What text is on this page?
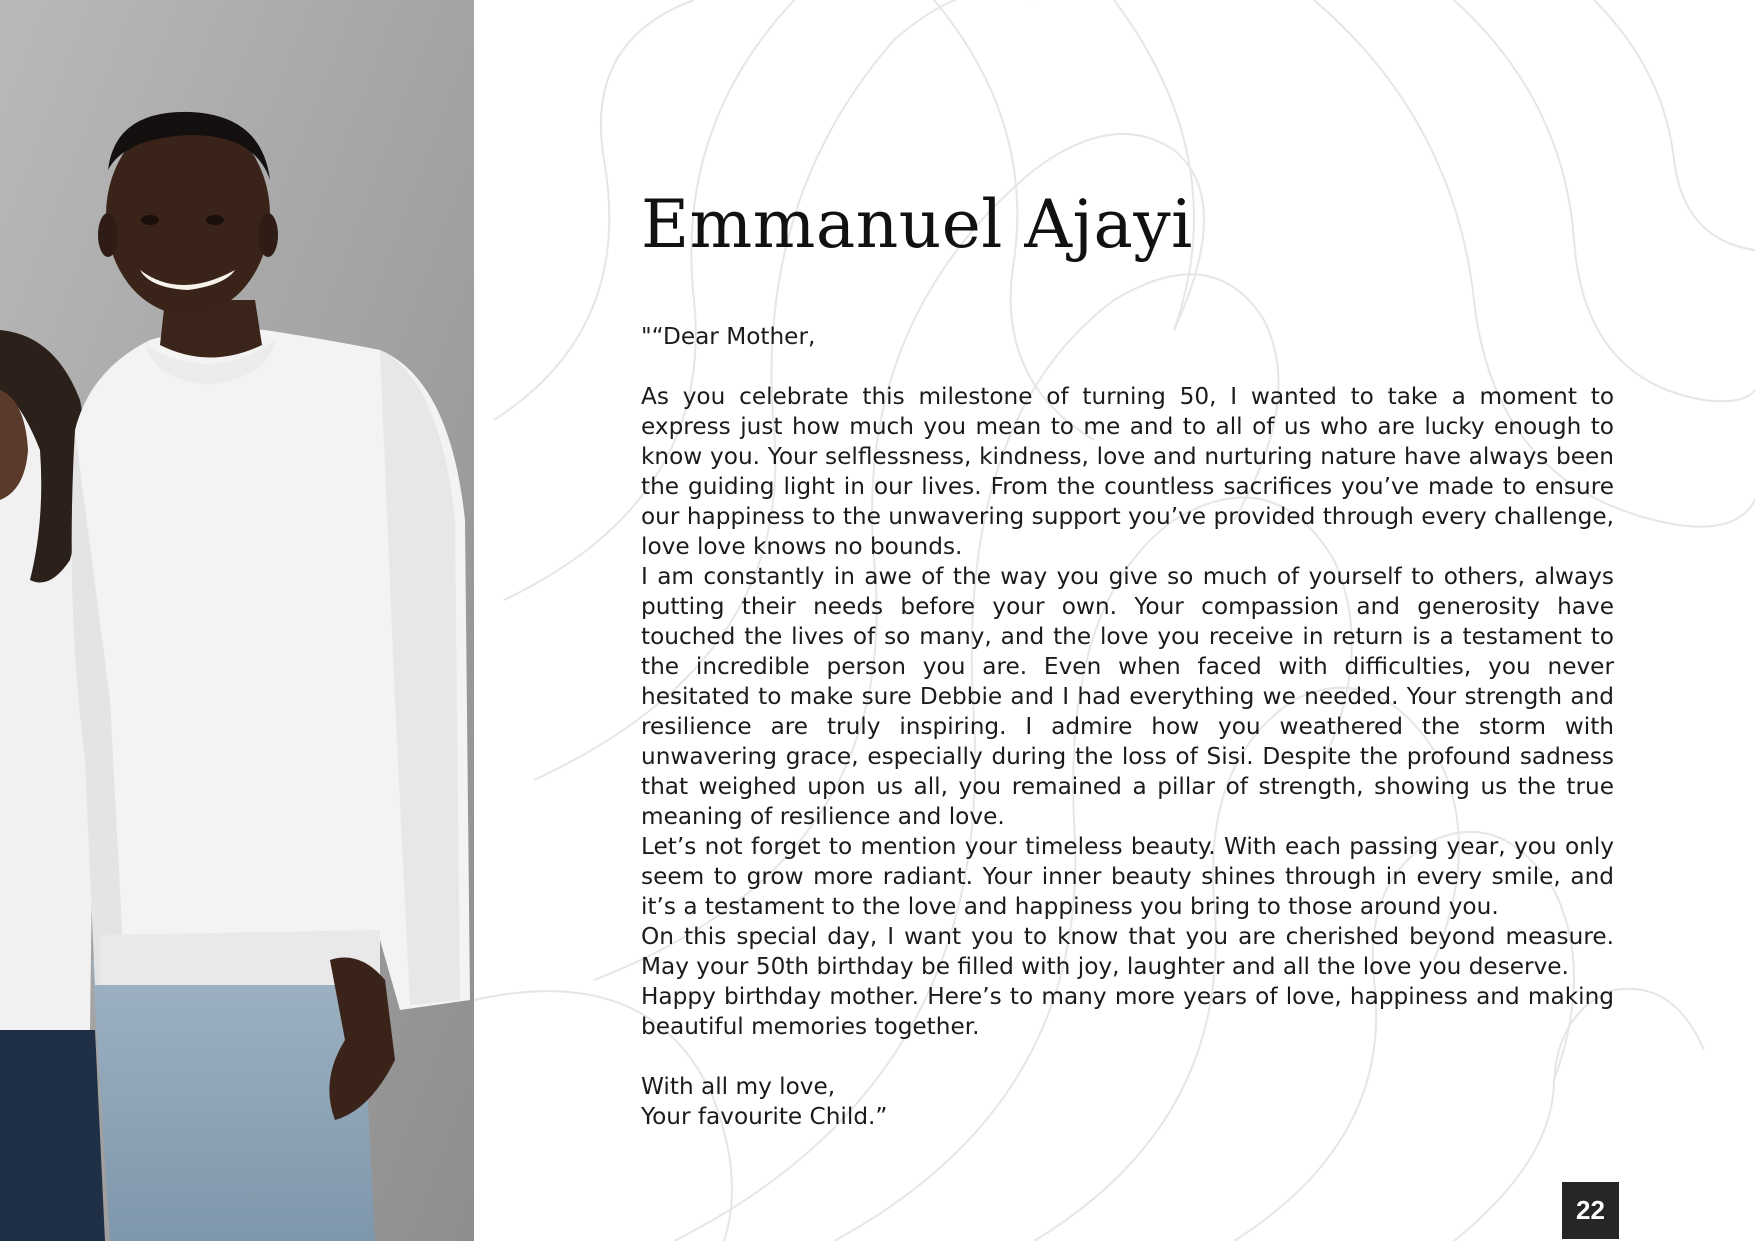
Emmanuel Ajayi

"“Dear Mother,

As you celebrate this milestone of turning 50, I wanted to take a moment to express just how much you mean to me and to all of us who are lucky enough to know you. Your selflessness, kindness, love and nurturing nature have always been the guiding light in our lives. From the countless sacrifices you’ve made to ensure our happiness to the unwavering support you’ve provided through every challenge, love love knows no bounds.

I am constantly in awe of the way you give so much of yourself to others, always putting their needs before your own. Your compassion and generosity have touched the lives of so many, and the love you receive in return is a testament to the incredible person you are. Even when faced with difficulties, you never hesitated to make sure Debbie and I had everything we needed. Your strength and resilience are truly inspiring. I admire how you weathered the storm with unwavering grace, especially during the loss of Sisi. Despite the profound sadness that weighed upon us all, you remained a pillar of strength, showing us the true meaning of resilience and love.

Let’s not forget to mention your timeless beauty. With each passing year, you only seem to grow more radiant. Your inner beauty shines through in every smile, and it’s a testament to the love and happiness you bring to those around you.

On this special day, I want you to know that you are cherished beyond measure. May your 50th birthday be filled with joy, laughter and all the love you deserve.

Happy birthday mother. Here’s to many more years of love, happiness and making beautiful memories together.

With all my love,

Your favourite Child.”

22
